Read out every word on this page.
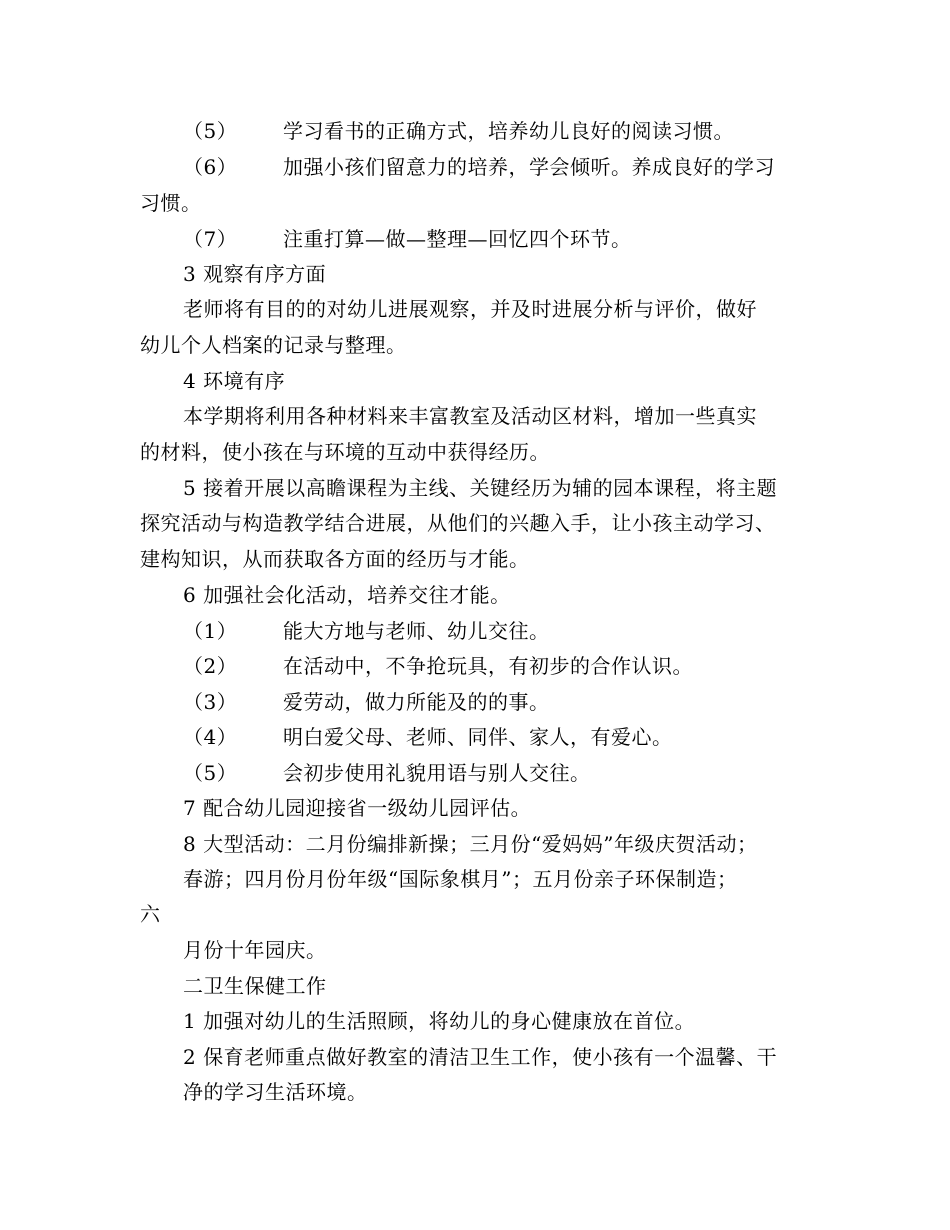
（5） 学习看书的正确方式，培养幼儿良好的阅读习惯。
（6） 加强小孩们留意力的培养，学会倾听。养成良好的学习
习惯。
（7） 注重打算—做—整理—回忆四个环节。
3 观察有序方面
老师将有目的的对幼儿进展观察，并及时进展分析与评价，做好
幼儿个人档案的记录与整理。
4 环境有序
本学期将利用各种材料来丰富教室及活动区材料，增加一些真实
的材料，使小孩在与环境的互动中获得经历。
5 接着开展以高瞻课程为主线、关键经历为辅的园本课程，将主题
探究活动与构造教学结合进展，从他们的兴趣入手，让小孩主动学习、
建构知识，从而获取各方面的经历与才能。
6 加强社会化活动，培养交往才能。
（1） 能大方地与老师、幼儿交往。
（2） 在活动中，不争抢玩具，有初步的合作认识。
（3） 爱劳动，做力所能及的的事。
（4） 明白爱父母、老师、同伴、家人，有爱心。
（5） 会初步使用礼貌用语与别人交往。
7 配合幼儿园迎接省一级幼儿园评估。
8 大型活动：二月份编排新操；三月份“爱妈妈”年级庆贺活动；
春游；四月份月份年级“国际象棋月”；五月份亲子环保制造；
六
月份十年园庆。
二卫生保健工作
1 加强对幼儿的生活照顾，将幼儿的身心健康放在首位。
2 保育老师重点做好教室的清洁卫生工作，使小孩有一个温馨、干
净的学习生活环境。
